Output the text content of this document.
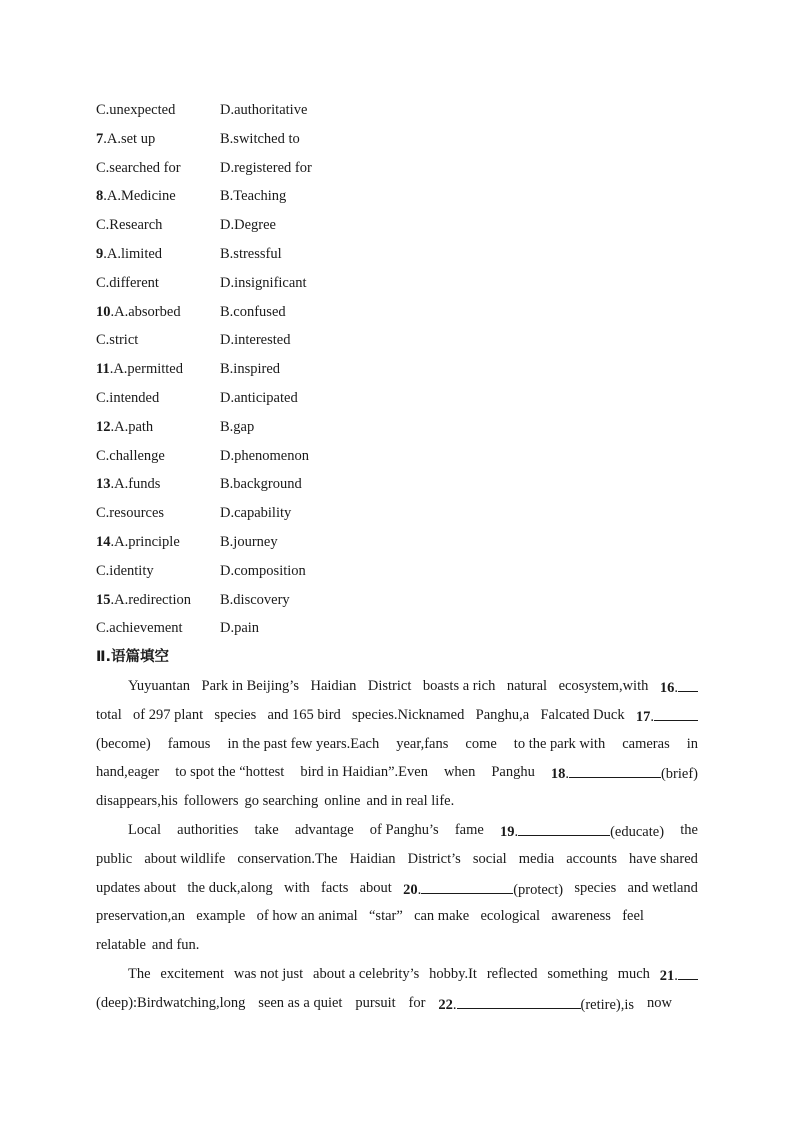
C.unexpected	D.authoritative
7.A.set up	B.switched to
C.searched for	D.registered for
8.A.Medicine	B.Teaching
C.Research	D.Degree
9.A.limited	B.stressful
C.different	D.insignificant
10.A.absorbed	B.confused
C.strict	D.interested
11.A.permitted	B.inspired
C.intended	D.anticipated
12.A.path	B.gap
C.challenge	D.phenomenon
13.A.funds	B.background
C.resources	D.capability
14.A.principle	B.journey
C.identity	D.composition
15.A.redirection B.discovery
C.achievement	D.pain
Ⅱ.语篇填空
Yuyuantan Park in Beijing’s Haidian District boasts a rich natural ecosystem,with 16.
total of 297 plant species and 165 bird species.Nicknamed Panghu,a Falcated Duck 17.
(become) famous in the past few years.Each year,fans come to the park with cameras in
hand,eager to spot the “hottest bird in Haidian”.Even when Panghu 18.	(brief)
disappears,his followers go searching online and in real life.
Local authorities take advantage of Panghu’s fame 19.	(educate) the
public about wildlife conservation.The Haidian District’s social media accounts have shared
updates about the duck,along with facts about 20.	(protect) species and wetland
preservation,an example of how an animal “star” can make ecological awareness feel
relatable and fun.
The excitement was not just about a celebrity’s hobby.It reflected something much 21.
(deep):Birdwatching,long seen as a quiet pursuit for 22.	(retire),is now
